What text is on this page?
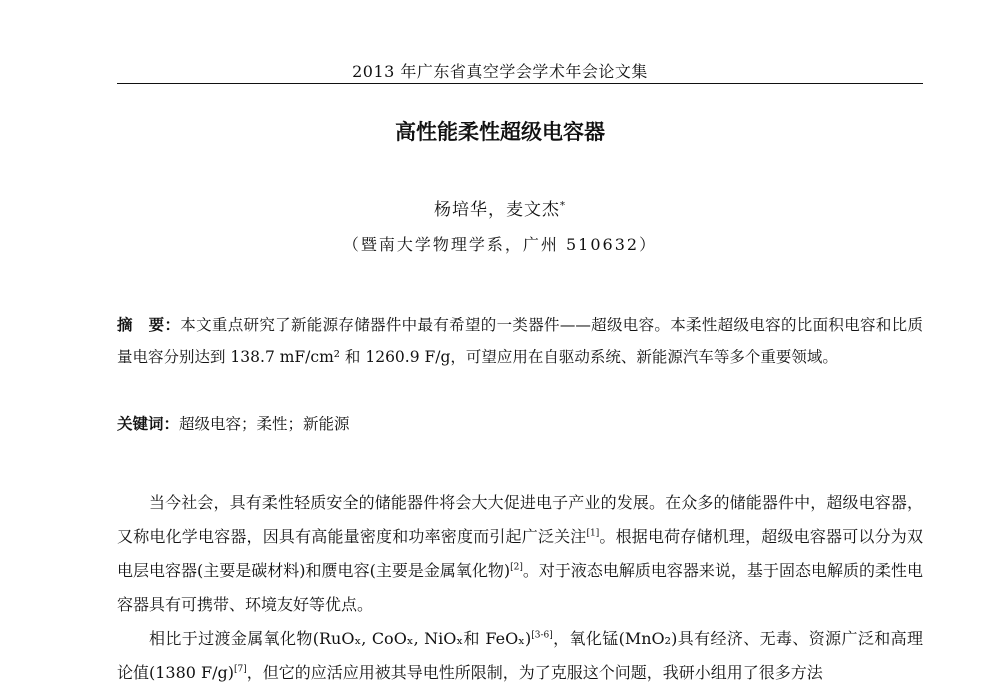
2013 年广东省真空学会学术年会论文集
高性能柔性超级电容器
杨培华，麦文杰*
（暨南大学物理学系，广州 510632）
摘　要：本文重点研究了新能源存储器件中最有希望的一类器件——超级电容。本柔性超级电容的比面积电容和比质量电容分别达到 138.7 mF/cm² 和 1260.9 F/g，可望应用在自驱动系统、新能源汽车等多个重要领域。
关键词：超级电容；柔性；新能源

当今社会，具有柔性轻质安全的储能器件将会大大促进电子产业的发展。在众多的储能器件中，超级电容器，又称电化学电容器，因具有高能量密度和功率密度而引起广泛关注[1]。根据电荷存储机理，超级电容器可以分为双电层电容器(主要是碳材料)和赝电容(主要是金属氧化物)[2]。对于液态电解质电容器来说，基于固态电解质的柔性电容器具有可携带、环境友好等优点。

相比于过渡金属氧化物(RuOₓ, CoOₓ, NiOₓ和 FeOₓ)[3-6]，氧化锰(MnO₂)具有经济、无毒、资源广泛和高理论值(1380 F/g)[7]，但它的应活应用被其导电性所限制，为了克服这个问题，我研小组用了很多方法
